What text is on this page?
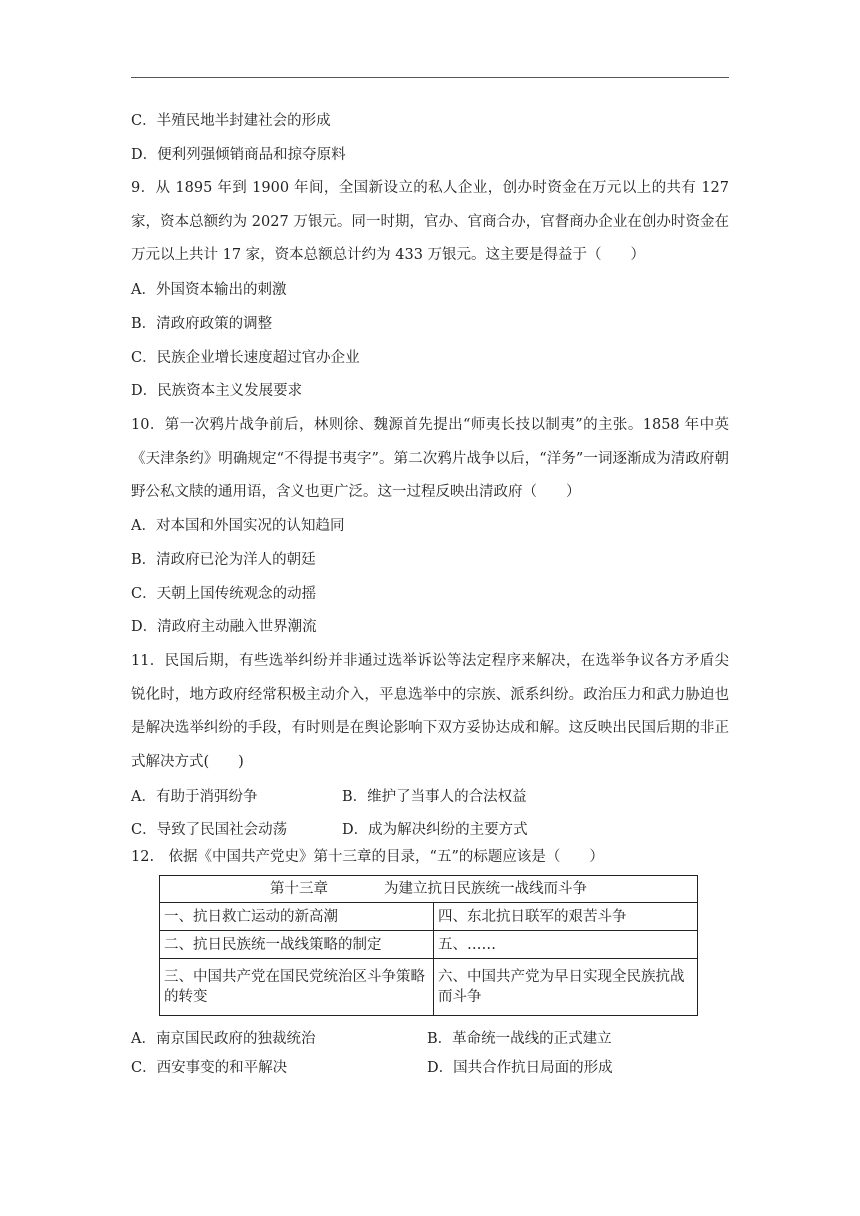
C．半殖民地半封建社会的形成
D．便利列强倾销商品和掠夺原料
9．从 1895 年到 1900 年间，全国新设立的私人企业，创办时资金在万元以上的共有 127 家，资本总额约为 2027 万银元。同一时期，官办、官商合办，官督商办企业在创办时资金在万元以上共计 17 家，资本总额总计约为 433 万银元。这主要是得益于（　　）
A．外国资本输出的刺激
B．清政府政策的调整
C．民族企业增长速度超过官办企业
D．民族资本主义发展要求
10．第一次鸦片战争前后，林则徐、魏源首先提出“师夷长技以制夷”的主张。1858 年中英《天津条约》明确规定“不得提书夷字”。第二次鸦片战争以后，“洋务”一词逐渐成为清政府朝野公私文牍的通用语，含义也更广泛。这一过程反映出清政府（　　）
A．对本国和外国实况的认知趋同
B．清政府已沦为洋人的朝廷
C．天朝上国传统观念的动摇
D．清政府主动融入世界潮流
11．民国后期，有些选举纠纷并非通过选举诉讼等法定程序来解决，在选举争议各方矛盾尖锐化时，地方政府经常积极主动介入，平息选举中的宗族、派系纠纷。政治压力和武力胁迫也是解决选举纠纷的手段，有时则是在舆论影响下双方妥协达成和解。这反映出民国后期的非正式解决方式(　　)
A．有助于消弭纷争	B．维护了当事人的合法权益
C．导致了民国社会动荡	D．成为解决纠纷的主要方式
12.　依据《中国共产党史》第十三章的目录，“五”的标题应该是（　　）
第十三章 为建立抗日民族统一战线而斗争	
一、抗日救亡运动的新高潮	四、东北抗日联军的艰苦斗争
二、抗日民族统一战线策略的制定	五、……
三、中国共产党在国民党统治区斗争策略的转变	六、中国共产党为早日实现全民族抗战而斗争
A．南京国民政府的独裁统治	B．革命统一战线的正式建立
C．西安事变的和平解决	D．国共合作抗日局面的形成
